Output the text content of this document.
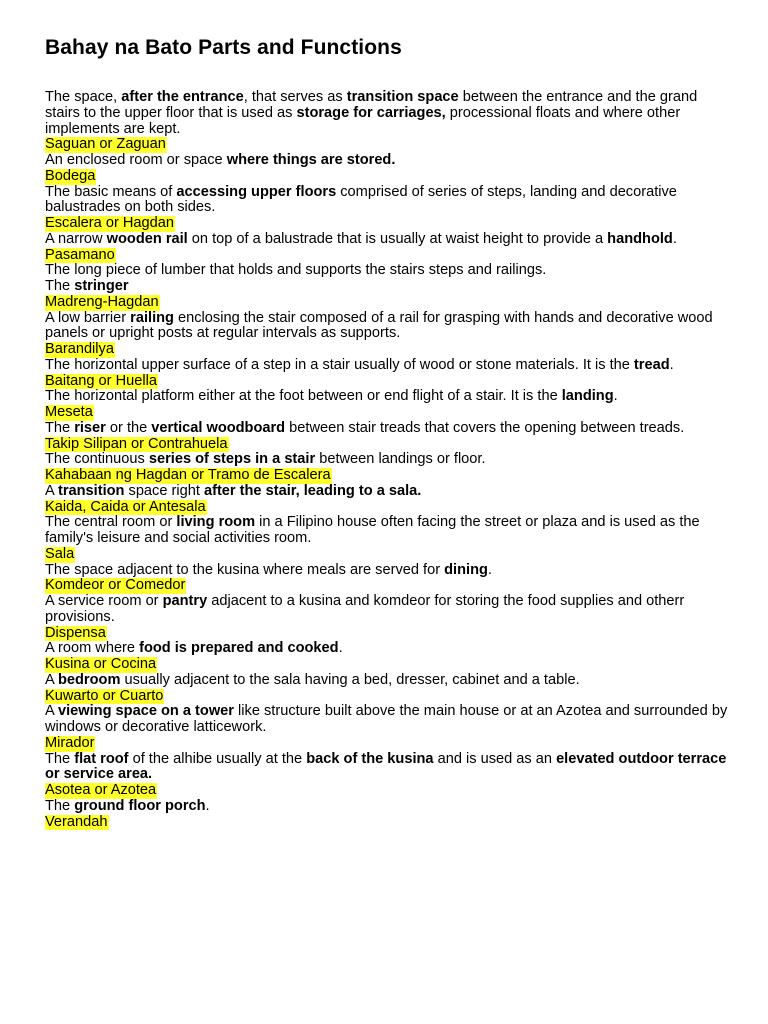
Bahay na Bato Parts and Functions

The space, after the entrance, that serves as transition space between the entrance and the grand stairs to the upper floor that is used as storage for carriages, processional floats and where other implements are kept.

Saguan or Zaguan

An enclosed room or space where things are stored.

Bodega

The basic means of accessing upper floors comprised of series of steps, landing and decorative balustrades on both sides.

Escalera or Hagdan

A narrow wooden rail on top of a balustrade that is usually at waist height to provide a handhold.

Pasamano

The long piece of lumber that holds and supports the stairs steps and railings.
The stringer

Madreng-Hagdan

A low barrier railing enclosing the stair composed of a rail for grasping with hands and decorative wood panels or upright posts at regular intervals as supports.

Barandilya

The horizontal upper surface of a step in a stair usually of wood or stone materials. It is the tread.

Baitang or Huella

The horizontal platform either at the foot between or end flight of a stair. It is the landing.

Meseta

The riser or the vertical woodboard between stair treads that covers the opening between treads.

Takip Silipan or Contrahuela

The continuous series of steps in a stair between landings or floor.

Kahabaan ng Hagdan or Tramo de Escalera

A transition space right after the stair, leading to a sala.

Kaida, Caida or Antesala

The central room or living room in a Filipino house often facing the street or plaza and is used as the family's leisure and social activities room.

Sala

The space adjacent to the kusina where meals are served for dining.

Komdeor or Comedor

A service room or pantry adjacent to a kusina and komdeor for storing the food supplies and otherr provisions.

Dispensa

A room where food is prepared and cooked.

Kusina or Cocina

A bedroom usually adjacent to the sala having a bed, dresser, cabinet and a table.

Kuwarto or Cuarto

A viewing space on a tower like structure built above the main house or at an Azotea and surrounded by windows or decorative latticework.

Mirador

The flat roof of the alhibe usually at the back of the kusina and is used as an elevated outdoor terrace or service area.

Asotea or Azotea

The ground floor porch.

Verandah
